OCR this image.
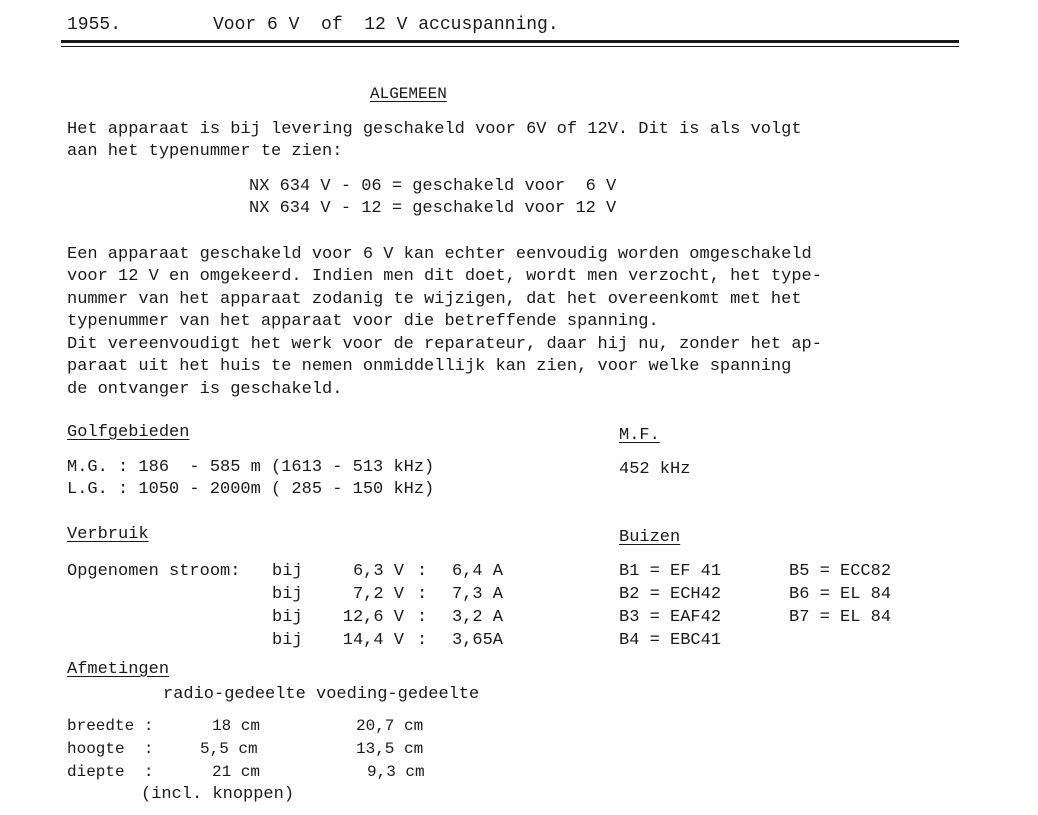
1955.	Voor 6 V  of  12 V accuspanning.
ALGEMEEN
Het apparaat is bij levering geschakeld voor 6V of 12V. Dit is als volgt
aan het typenummer te zien:
NX 634 V - 06 = geschakeld voor  6 V
NX 634 V - 12 = geschakeld voor 12 V
Een apparaat geschakeld voor 6 V kan echter eenvoudig worden omgeschakeld
voor 12 V en omgekeerd. Indien men dit doet, wordt men verzocht, het type-
nummer van het apparaat zodanig te wijzigen, dat het overeenkomt met het
typenummer van het apparaat voor die betreffende spanning.
Dit vereenvoudigt het werk voor de reparateur, daar hij nu, zonder het ap-
paraat uit het huis te nemen onmiddellijk kan zien, voor welke spanning
de ontvanger is geschakeld.
Golfgebieden
M.G. : 186  - 585 m (1613 - 513 kHz)
L.G. : 1050 - 2000m ( 285 - 150 kHz)
M.F.
452 kHz
Verbruik
Opgenomen stroom: bij	6,3 V : 6,4 A
bij	7,2 V : 7,3 A
bij 12,6 V : 3,2 A
bij 14,4 V : 3,65A
Buizen
B1 = EF 41
B2 = ECH42
B3 = EAF42
B4 = EBC41
B5 = ECC82
B6 = EL 84
B7 = EL 84
Afmetingen
radio-gedeelte voeding-gedeelte
breedte :	18 cm	20,7 cm
hoogte  :	5,5 cm	13,5 cm
diepte  :	21 cm	9,3 cm
(incl. knoppen)
